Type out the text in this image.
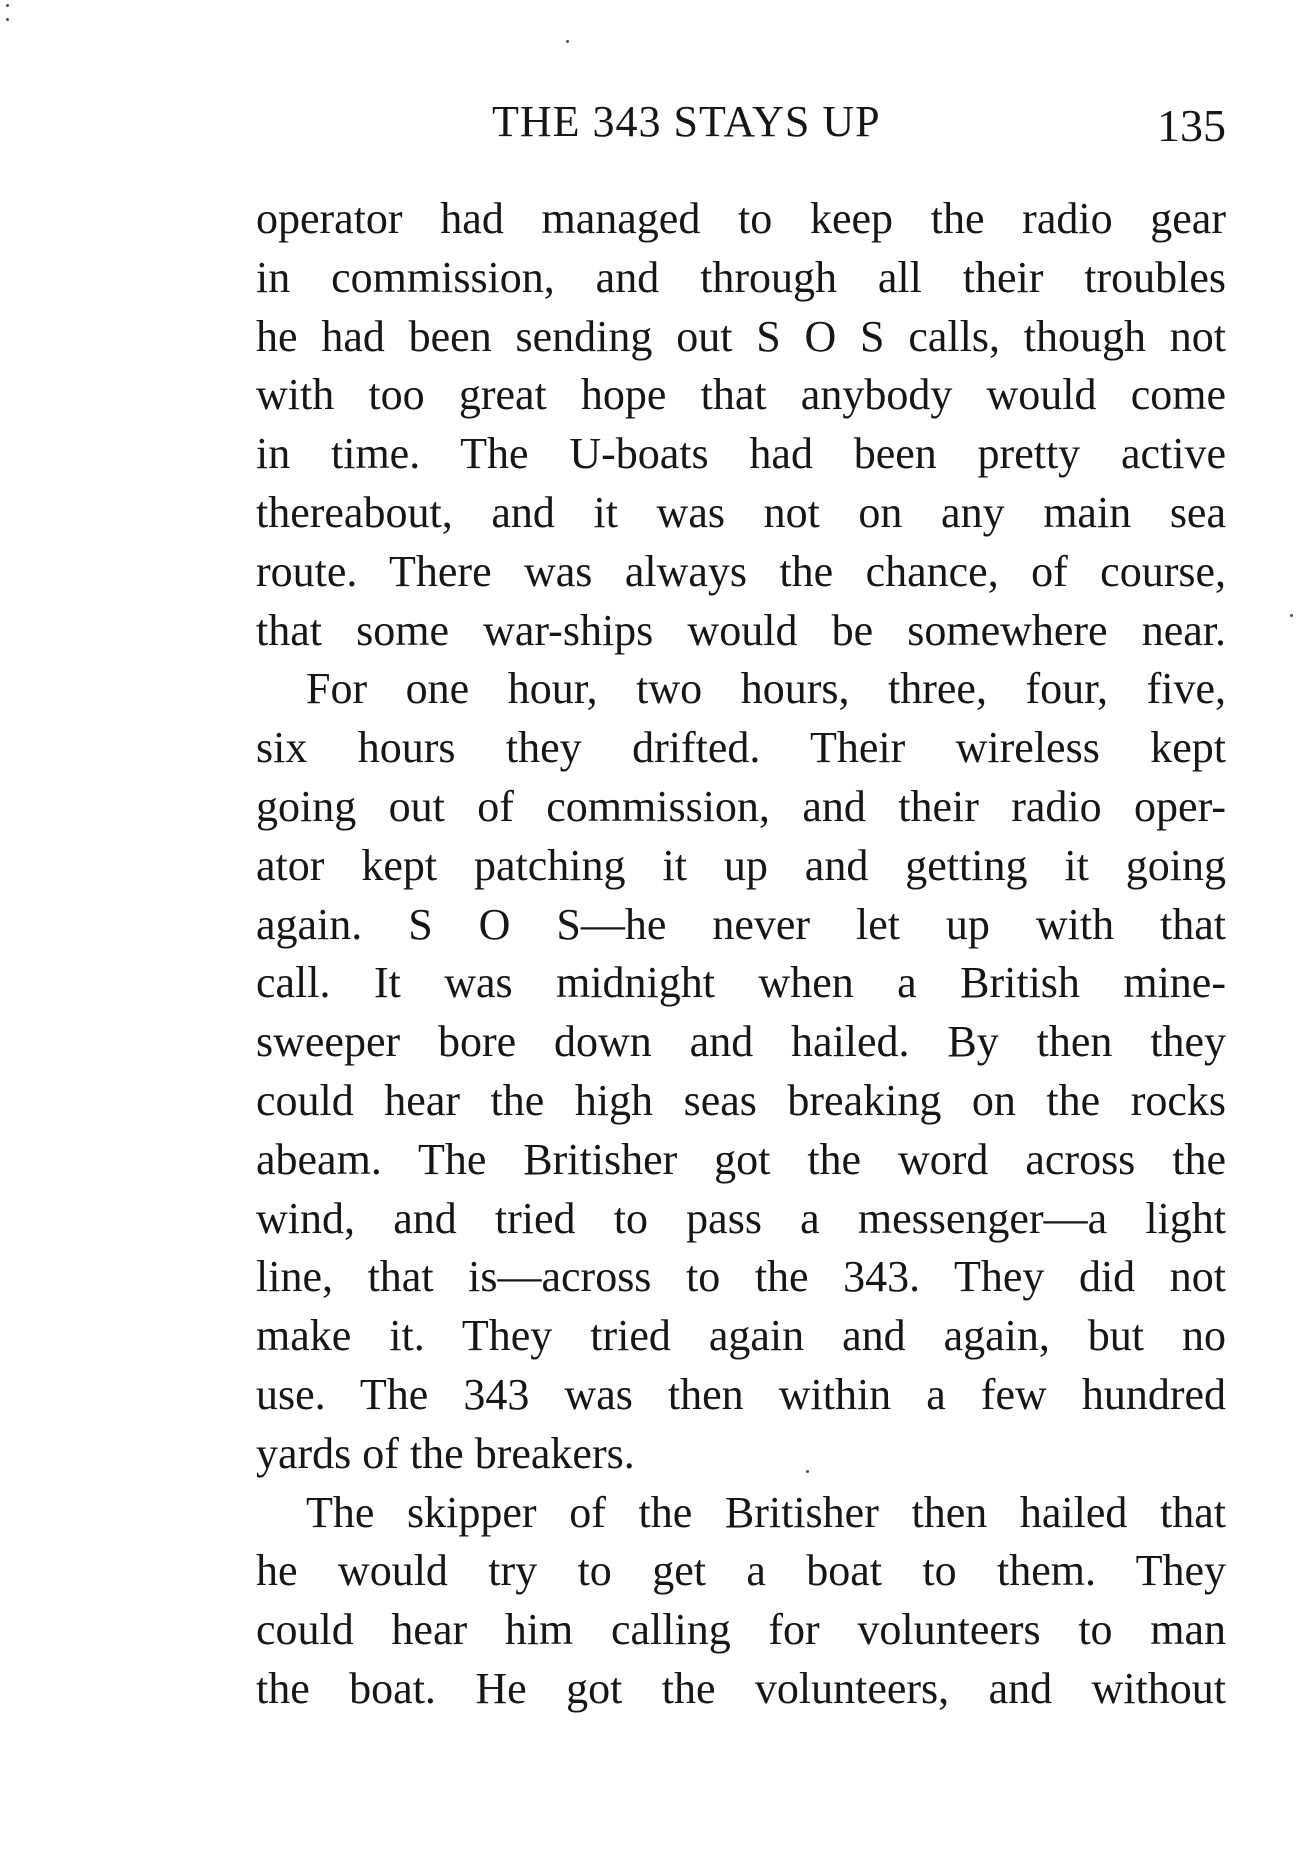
THE 343 STAYS UP	135
operator had managed to keep the radio gear
in commission, and through all their troubles
he had been sending out S O S calls, though not
with too great hope that anybody would come
in time. The U-boats had been pretty active
thereabout, and it was not on any main sea
route. There was always the chance, of course,
that some war-ships would be somewhere near.
For one hour, two hours, three, four, five,
six hours they drifted. Their wireless kept
going out of commission, and their radio oper-
ator kept patching it up and getting it going
again. S O S—he never let up with that
call. It was midnight when a British mine-
sweeper bore down and hailed. By then they
could hear the high seas breaking on the rocks
abeam. The Britisher got the word across the
wind, and tried to pass a messenger—a light
line, that is—across to the 343. They did not
make it. They tried again and again, but no
use. The 343 was then within a few hundred
yards of the breakers.
The skipper of the Britisher then hailed that
he would try to get a boat to them. They
could hear him calling for volunteers to man
the boat. He got the volunteers, and without
